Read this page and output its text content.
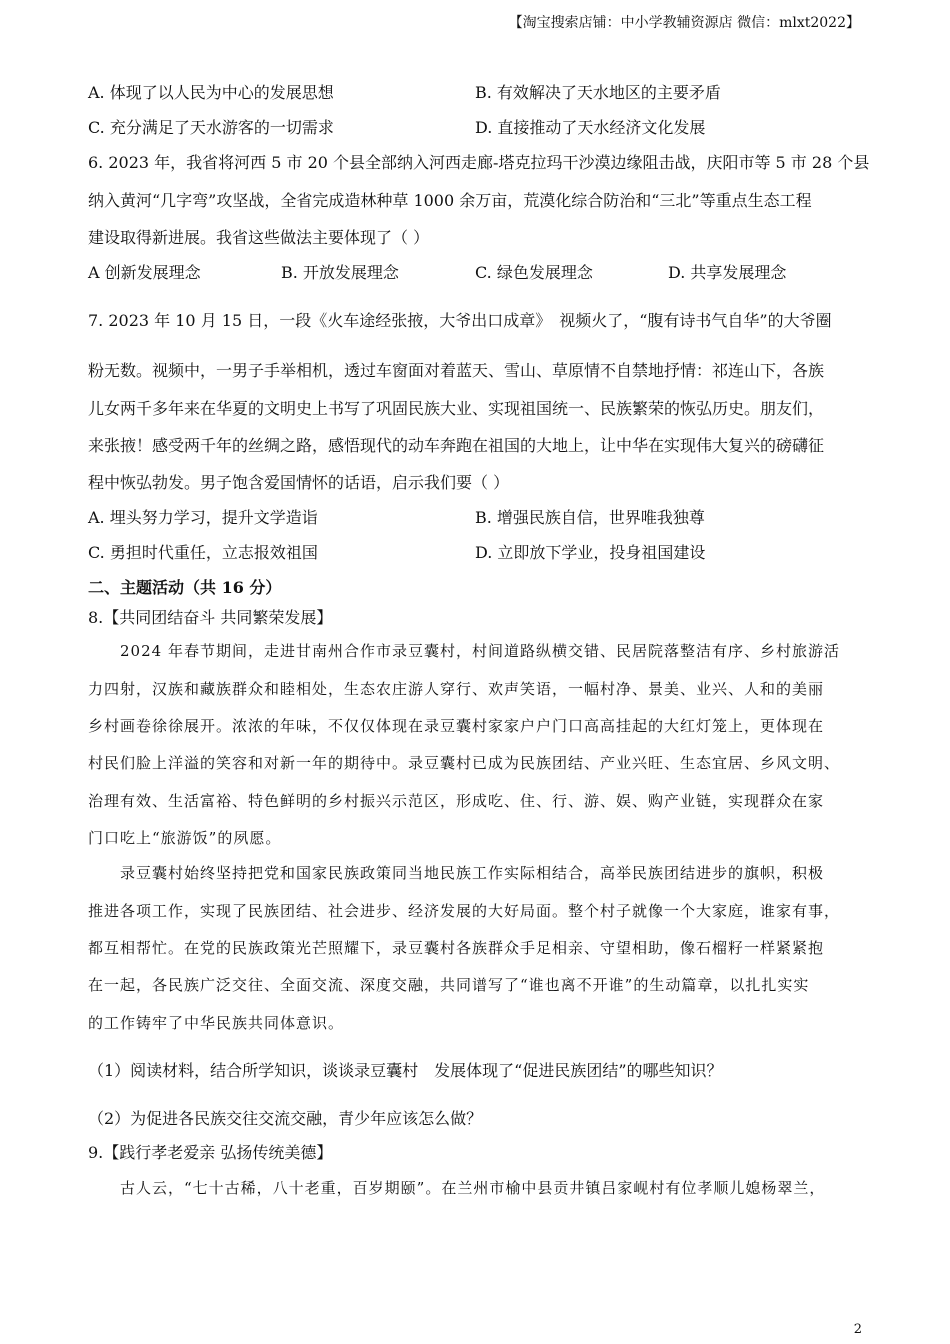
【淘宝搜索店铺：中小学教辅资源店 微信：mlxt2022】
A. 体现了以人民为中心的发展思想	B. 有效解决了天水地区的主要矛盾
C. 充分满足了天水游客的一切需求	D. 直接推动了天水经济文化发展
6. 2023 年，我省将河西 5 市 20 个县全部纳入河西走廊-塔克拉玛干沙漠边缘阻击战，庆阳市等 5 市 28 个县
纳入黄河“几字弯”攻坚战，全省完成造林种草 1000 余万亩，荒漠化综合防治和“三北”等重点生态工程
建设取得新进展。我省这些做法主要体现了（ ）
A 创新发展理念	B. 开放发展理念	C. 绿色发展理念	D. 共享发展理念
7. 2023 年 10 月 15 日，一段《火车途经张掖，大爷出口成章》　视频火了，“腹有诗书气自华”的大爷圈
粉无数。视频中，一男子手举相机，透过车窗面对着蓝天、雪山、草原情不自禁地抒情：祁连山下，各族
儿女两千多年来在华夏的文明史上书写了巩固民族大业、实现祖国统一、民族繁荣的恢弘历史。朋友们，
来张掖！感受两千年的丝绸之路，感悟现代的动车奔跑在祖国的大地上，让中华在实现伟大复兴的磅礴征
程中恢弘勃发。男子饱含爱国情怀的话语，启示我们要（ ）
A. 埋头努力学习，提升文学造诣	B. 增强民族自信，世界唯我独尊
C. 勇担时代重任，立志报效祖国	D. 立即放下学业，投身祖国建设
二、主题活动（共 16 分）
8.【共同团结奋斗 共同繁荣发展】
　　2024 年春节期间，走进甘南州合作市录豆囊村，村间道路纵横交错、民居院落整洁有序、乡村旅游活
力四射，汉族和藏族群众和睦相处，生态农庄游人穿行、欢声笑语，一幅村净、景美、业兴、人和的美丽
乡村画卷徐徐展开。浓浓的年味，不仅仅体现在录豆囊村家家户户门口高高挂起的大红灯笼上，更体现在
村民们脸上洋溢的笑容和对新一年的期待中。录豆囊村已成为民族团结、产业兴旺、生态宜居、乡风文明、
治理有效、生活富裕、特色鲜明的乡村振兴示范区，形成吃、住、行、游、娱、购产业链，实现群众在家
门口吃上“旅游饭”的夙愿。
　　录豆囊村始终坚持把党和国家民族政策同当地民族工作实际相结合，高举民族团结进步的旗帜，积极
推进各项工作，实现了民族团结、社会进步、经济发展的大好局面。整个村子就像一个大家庭，谁家有事，
都互相帮忙。在党的民族政策光芒照耀下，录豆囊村各族群众手足相亲、守望相助，像石榴籽一样紧紧抱
在一起，各民族广泛交往、全面交流、深度交融，共同谱写了“谁也离不开谁”的生动篇章，以扎扎实实
的工作铸牢了中华民族共同体意识。
（1）阅读材料，结合所学知识，谈谈录豆囊村　发展体现了“促进民族团结”的哪些知识？
（2）为促进各民族交往交流交融，青少年应该怎么做？
9.【践行孝老爱亲 弘扬传统美德】
　　古人云，“七十古稀，八十老重，百岁期颐”。在兰州市榆中县贡井镇吕家岘村有位孝顺儿媳杨翠兰，
2
